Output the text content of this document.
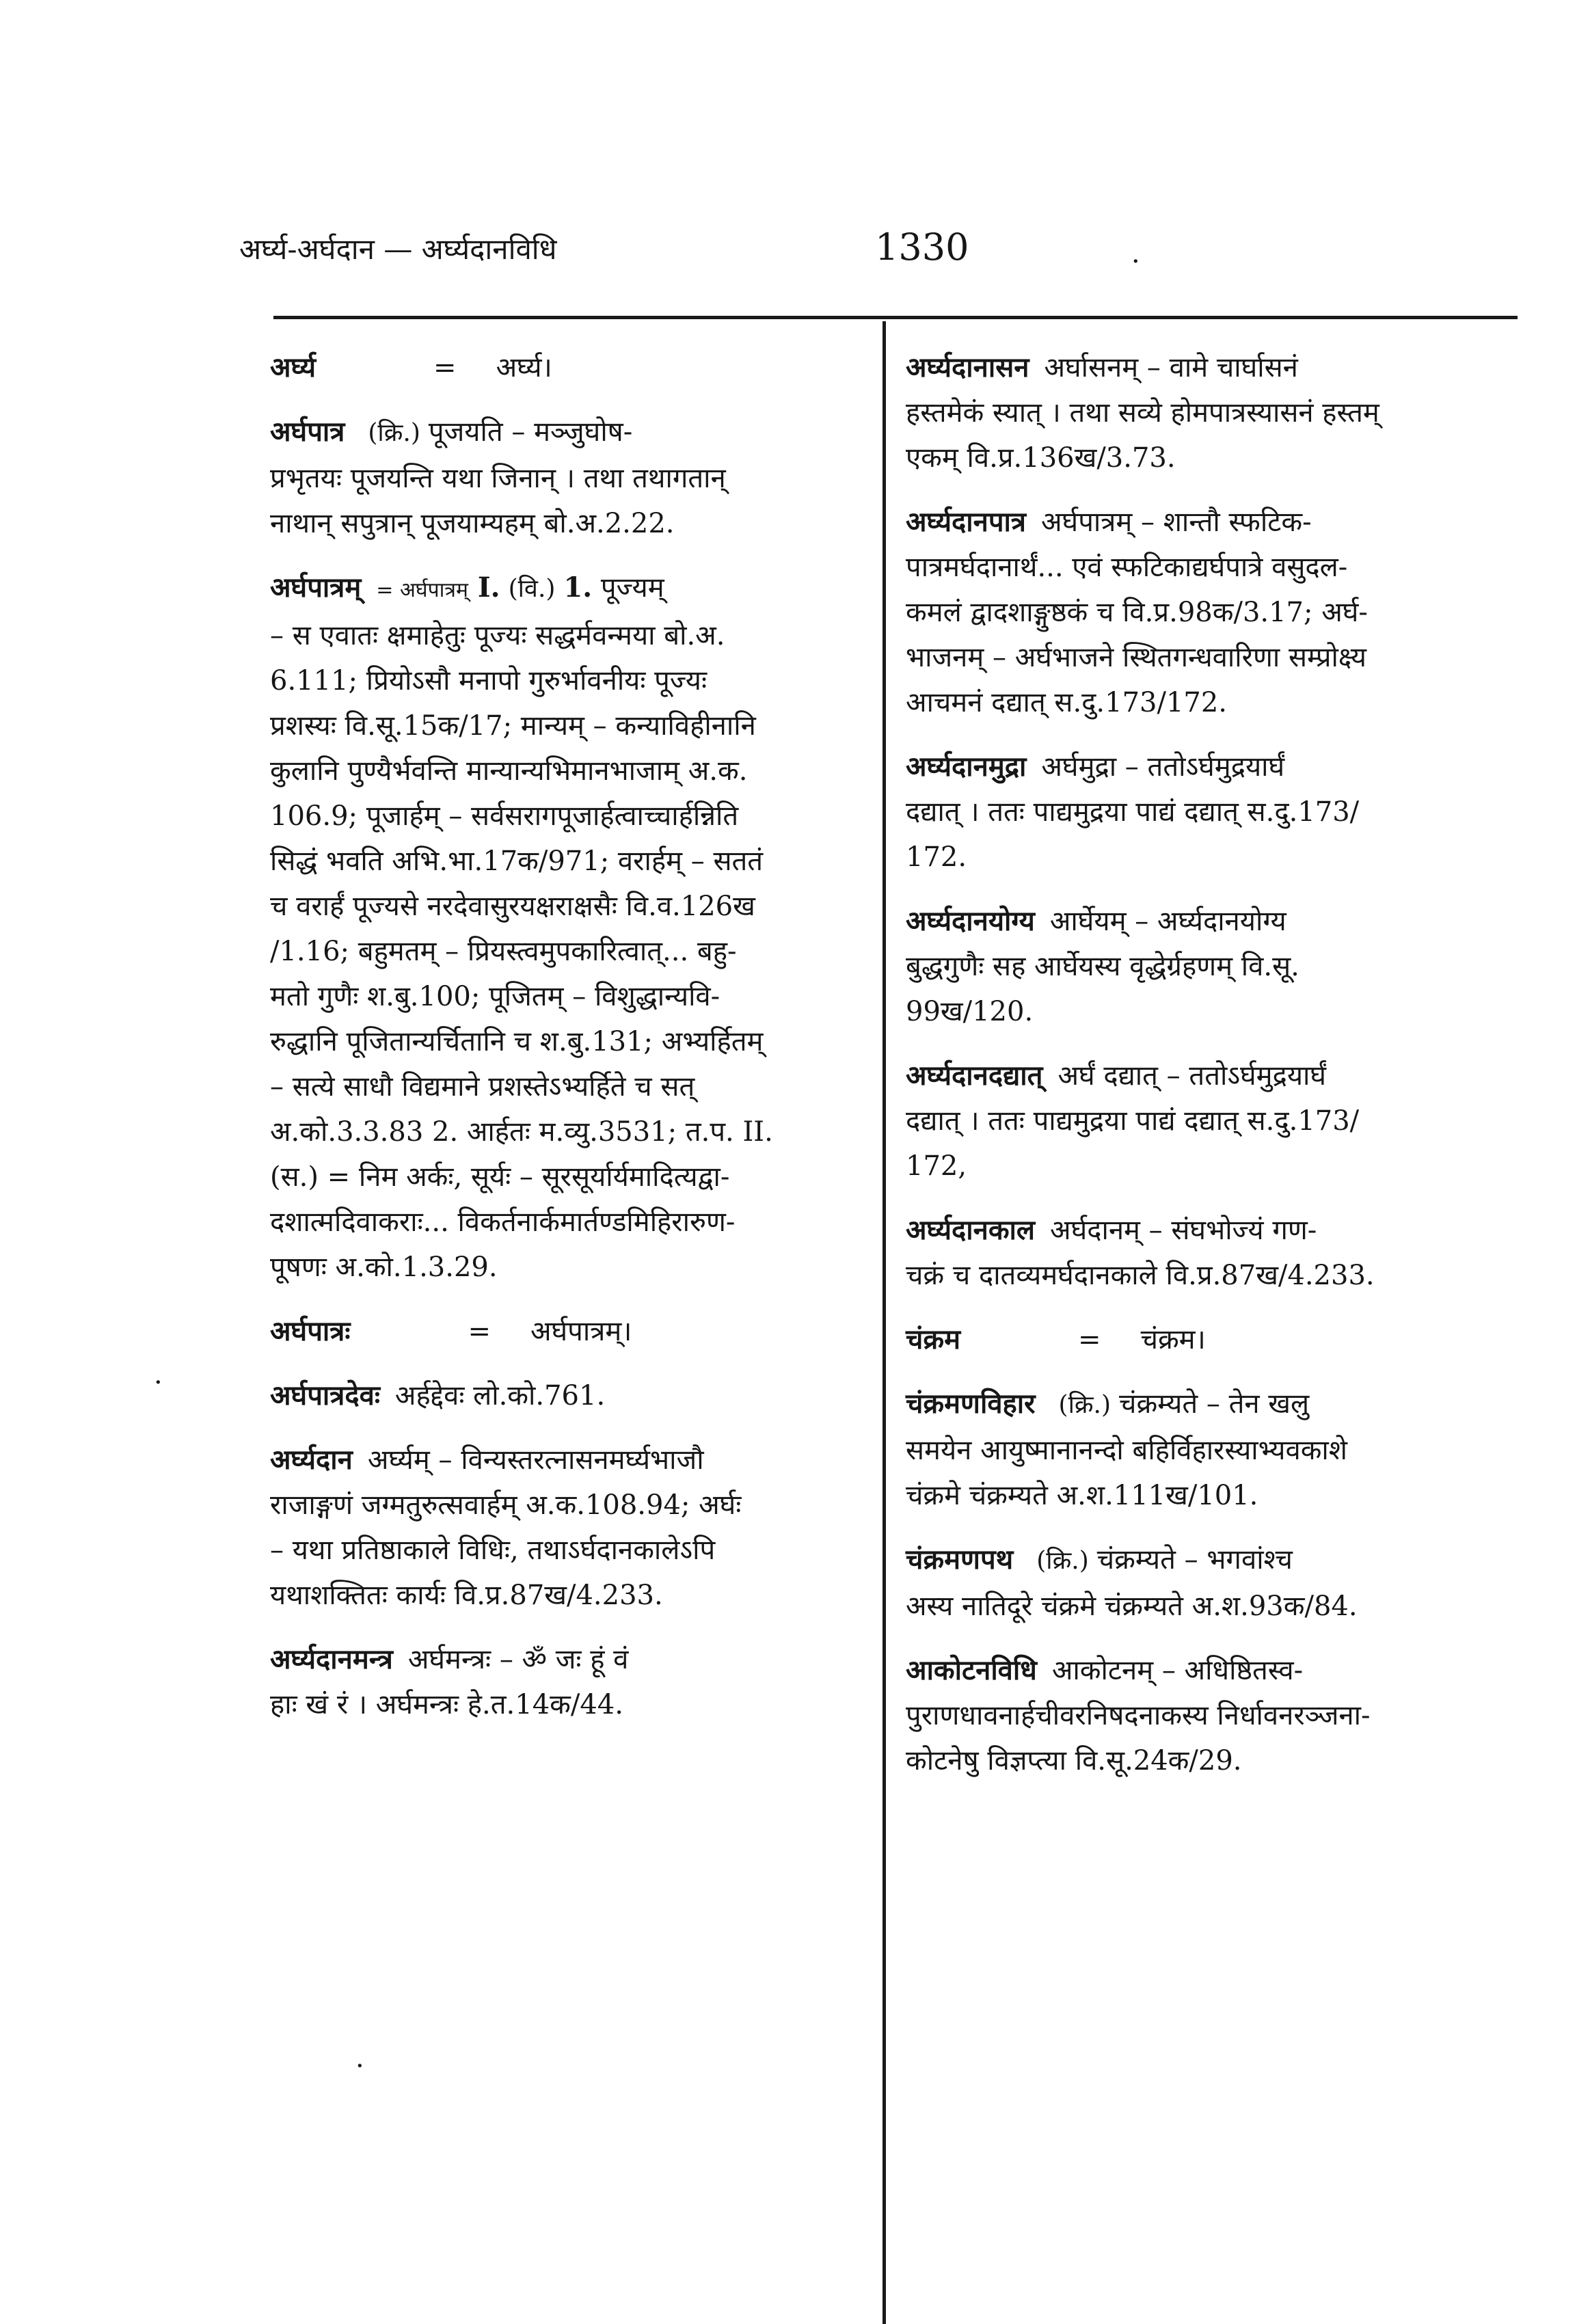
अर्घ्य-अर्घदान — अर्घ्यदानविधि	1330

अर्घ्य	= अर्घ्य।

अर्घपात्र (क्रि.) पूजयति – मञ्जुघोष-

प्रभृतयः पूजयन्ति यथा जिनान् । तथा तथागतान्

नाथान् सपुत्रान् पूजयाम्यहम् बो.अ.2.22.

अर्घपात्रम् = अर्घपात्रम् I. (वि.) 1. पूज्यम्

– स एवातः क्षमाहेतुः पूज्यः सद्धर्मवन्मया बो.अ.

6.111; प्रियोऽसौ मनापो गुरुर्भावनीयः पूज्यः

प्रशस्यः वि.सू.15क/17; मान्यम् – कन्याविहीनानि

कुलानि पुण्यैर्भवन्ति मान्यान्यभिमानभाजाम् अ.क.

106.9; पूजार्हम् – सर्वसरागपूजार्हत्वाच्चार्हन्निति

सिद्धं भवति अभि.भा.17क/971; वरार्हम् – सततं

च वरार्हं पूज्यसे नरदेवासुरयक्षराक्षसैः वि.व.126ख

/1.16; बहुमतम् – प्रियस्त्वमुपकारित्वात्... बहु-

मतो गुणैः श.बु.100; पूजितम् – विशुद्धान्यवि-

रुद्धानि पूजितान्यर्चितानि च श.बु.131; अभ्यर्हितम्

– सत्ये साधौ विद्यमाने प्रशस्तेऽभ्यर्हिते च सत्

अ.को.3.3.83 2. आर्हतः म.व्यु.3531; त.प. II.

(स.) = निम अर्कः, सूर्यः – सूरसूर्यार्यमादित्यद्वा-

दशात्मदिवाकराः... विकर्तनार्कमार्तण्डमिहिरारुण-

पूषणः अ.को.1.3.29.

अर्घपात्रः	= अर्घपात्रम्।

अर्घपात्रदेवः अर्हद्देवः लो.को.761.

अर्घ्यदान अर्घ्यम् – विन्यस्तरत्नासनमर्घ्यभाजौ

राजाङ्गणं जग्मतुरुत्सवार्हम् अ.क.108.94; अर्घः

– यथा प्रतिष्ठाकाले विधिः, तथाऽर्घदानकालेऽपि

यथाशक्तितः कार्यः वि.प्र.87ख/4.233.

अर्घ्यदानमन्त्र अर्घमन्त्रः – ॐ जः हूं वं

हाः खं रं । अर्घमन्त्रः हे.त.14क/44.

अर्घ्यदानासन अर्घासनम् – वामे चार्घासनं

हस्तमेकं स्यात् । तथा सव्ये होमपात्रस्यासनं हस्तम्

एकम् वि.प्र.136ख/3.73.

अर्घ्यदानपात्र अर्घपात्रम् – शान्तौ स्फटिक-

पात्रमर्घदानार्थं... एवं स्फटिकाद्यर्घपात्रे वसुदल-

कमलं द्वादशाङ्गुष्ठकं च वि.प्र.98क/3.17; अर्घ-

भाजनम् – अर्घभाजने स्थितगन्धवारिणा सम्प्रोक्ष्य

आचमनं दद्यात् स.दु.173/172.

अर्घ्यदानमुद्रा अर्घमुद्रा – ततोऽर्घमुद्रयार्घं

दद्यात् । ततः पाद्यमुद्रया पाद्यं दद्यात् स.दु.173/

172.

अर्घ्यदानयोग्य आर्घेयम् – अर्घ्यदानयोग्य

बुद्धगुणैः सह आर्घेयस्य वृद्धेर्ग्रहणम् वि.सू.

99ख/120.

अर्घ्यदानदद्यात् अर्घं दद्यात् – ततोऽर्घमुद्रयार्घं

दद्यात् । ततः पाद्यमुद्रया पाद्यं दद्यात् स.दु.173/

172,

अर्घ्यदानकाल अर्घदानम् – संघभोज्यं गण-

चक्रं च दातव्यमर्घदानकाले वि.प्र.87ख/4.233.

चंक्रम	= चंक्रम।

चंक्रमणविहार (क्रि.) चंक्रम्यते – तेन खलु

समयेन आयुष्मानानन्दो बहिर्विहारस्याभ्यवकाशे

चंक्रमे चंक्रम्यते अ.श.111ख/101.

चंक्रमणपथ (क्रि.) चंक्रम्यते – भगवांश्च

अस्य नातिदूरे चंक्रमे चंक्रम्यते अ.श.93क/84.

आकोटनविधि आकोटनम् – अधिष्ठितस्व-

पुराणधावनार्हचीवरनिषदनाकस्य निर्धावनरञ्जना-

कोटनेषु विज्ञप्त्या वि.सू.24क/29.

·
·
·
